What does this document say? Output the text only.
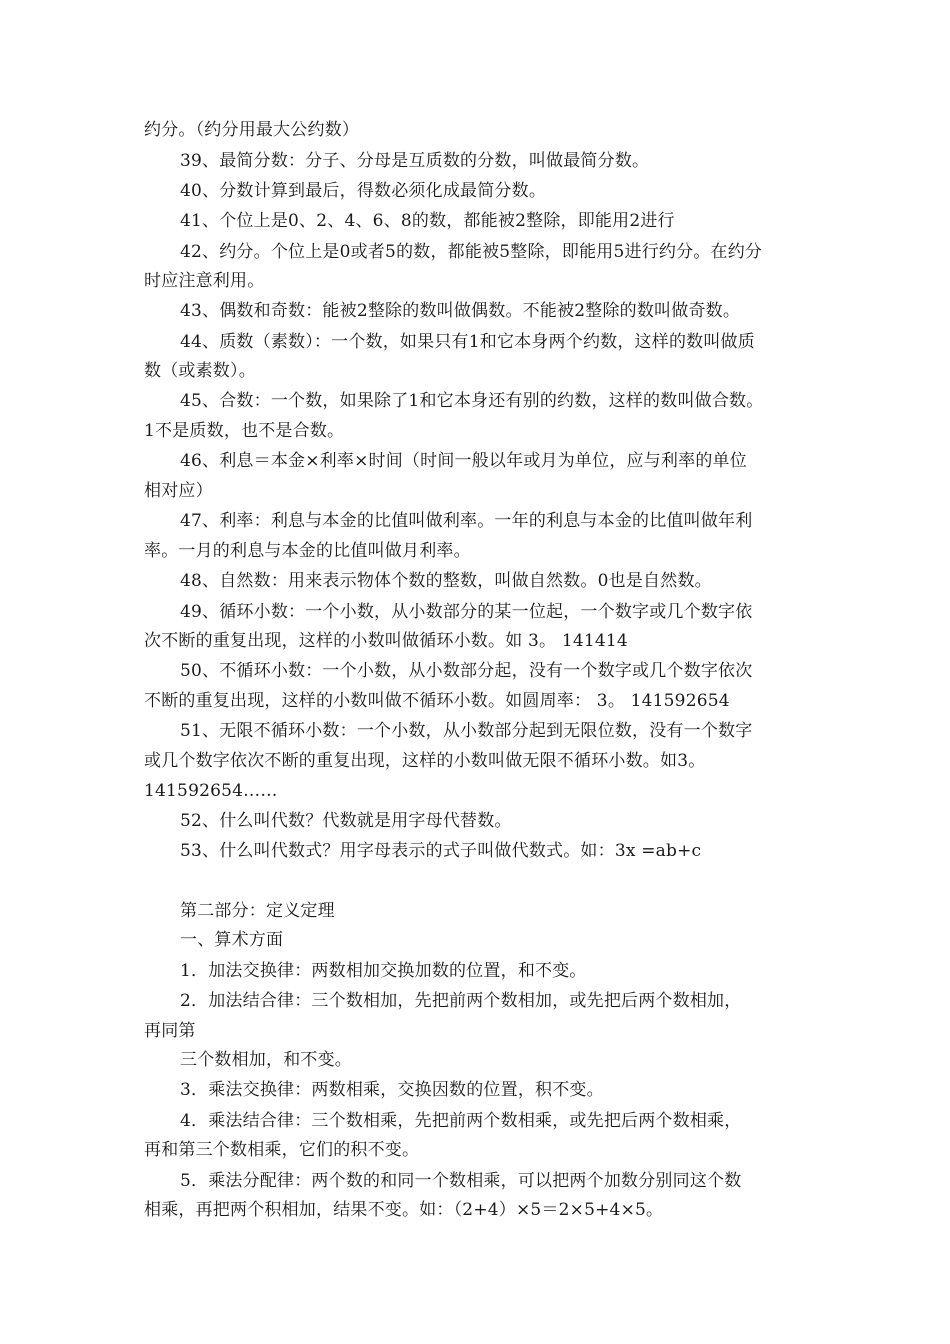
约分。（约分用最大公约数）
39、最简分数：分子、分母是互质数的分数，叫做最简分数。
40、分数计算到最后，得数必须化成最简分数。
41、个位上是0、2、4、6、8的数，都能被2整除，即能用2进行
42、约分。个位上是0或者5的数，都能被5整除，即能用5进行约分。在约分
时应注意利用。
43、偶数和奇数：能被2整除的数叫做偶数。不能被2整除的数叫做奇数。
44、质数（素数）：一个数，如果只有1和它本身两个约数，这样的数叫做质
数（或素数）。
45、合数：一个数，如果除了1和它本身还有别的约数，这样的数叫做合数。
1不是质数，也不是合数。
46、利息＝本金×利率×时间（时间一般以年或月为单位，应与利率的单位
相对应）
47、利率：利息与本金的比值叫做利率。一年的利息与本金的比值叫做年利
率。一月的利息与本金的比值叫做月利率。
48、自然数：用来表示物体个数的整数，叫做自然数。0也是自然数。
49、循环小数：一个小数，从小数部分的某一位起，一个数字或几个数字依
次不断的重复出现，这样的小数叫做循环小数。如 3。 141414
50、不循环小数：一个小数，从小数部分起，没有一个数字或几个数字依次
不断的重复出现，这样的小数叫做不循环小数。如圆周率： 3。 141592654
51、无限不循环小数：一个小数，从小数部分起到无限位数，没有一个数字
或几个数字依次不断的重复出现，这样的小数叫做无限不循环小数。如3。
141592654……
52、什么叫代数？代数就是用字母代替数。
53、什么叫代数式？用字母表示的式子叫做代数式。如：3x =ab+c
第二部分：定义定理
一、算术方面
1．加法交换律：两数相加交换加数的位置，和不变。
2．加法结合律：三个数相加，先把前两个数相加，或先把后两个数相加，
再同第
三个数相加，和不变。
3．乘法交换律：两数相乘，交换因数的位置，积不变。
4．乘法结合律：三个数相乘，先把前两个数相乘，或先把后两个数相乘，
再和第三个数相乘，它们的积不变。
5．乘法分配律：两个数的和同一个数相乘，可以把两个加数分别同这个数
相乘，再把两个积相加，结果不变。如：（2+4）×5＝2×5+4×5。
